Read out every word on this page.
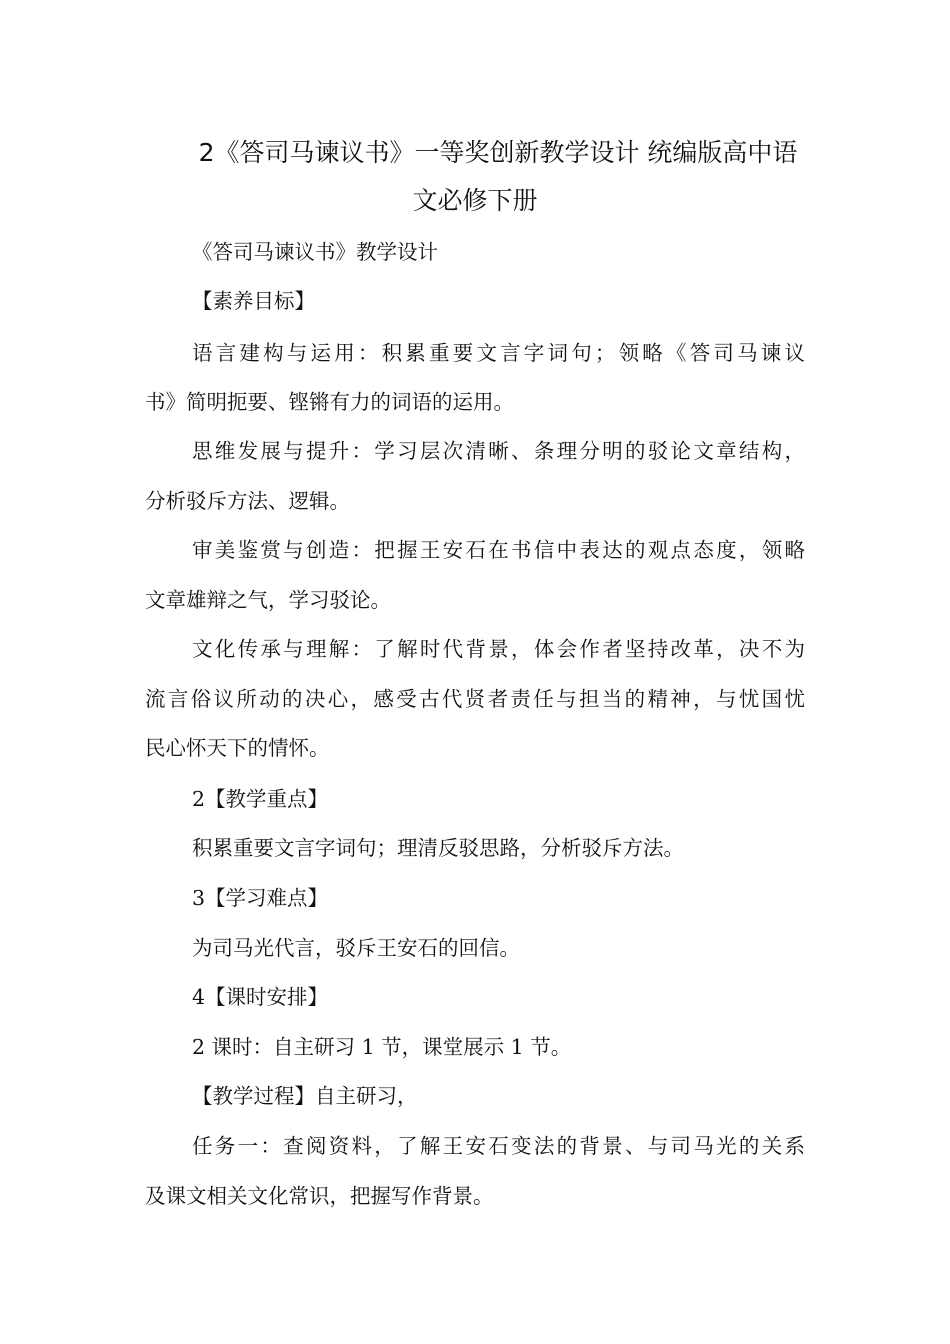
2《答司马谏议书》一等奖创新教学设计 统编版高中语
文必修下册
《答司马谏议书》教学设计
【素养目标】
语言建构与运用：积累重要文言字词句；领略《答司马谏议
书》简明扼要、铿锵有力的词语的运用。
思维发展与提升：学习层次清晰、条理分明的驳论文章结构，
分析驳斥方法、逻辑。
审美鉴赏与创造：把握王安石在书信中表达的观点态度，领略
文章雄辩之气，学习驳论。
文化传承与理解：了解时代背景，体会作者坚持改革，决不为
流言俗议所动的决心，感受古代贤者责任与担当的精神，与忧国忧
民心怀天下的情怀。
2【教学重点】
积累重要文言字词句；理清反驳思路，分析驳斥方法。
3【学习难点】
为司马光代言，驳斥王安石的回信。
4【课时安排】
2 课时：自主研习 1 节，课堂展示 1 节。
【教学过程】自主研习，
任务一：查阅资料，了解王安石变法的背景、与司马光的关系
及课文相关文化常识，把握写作背景。
